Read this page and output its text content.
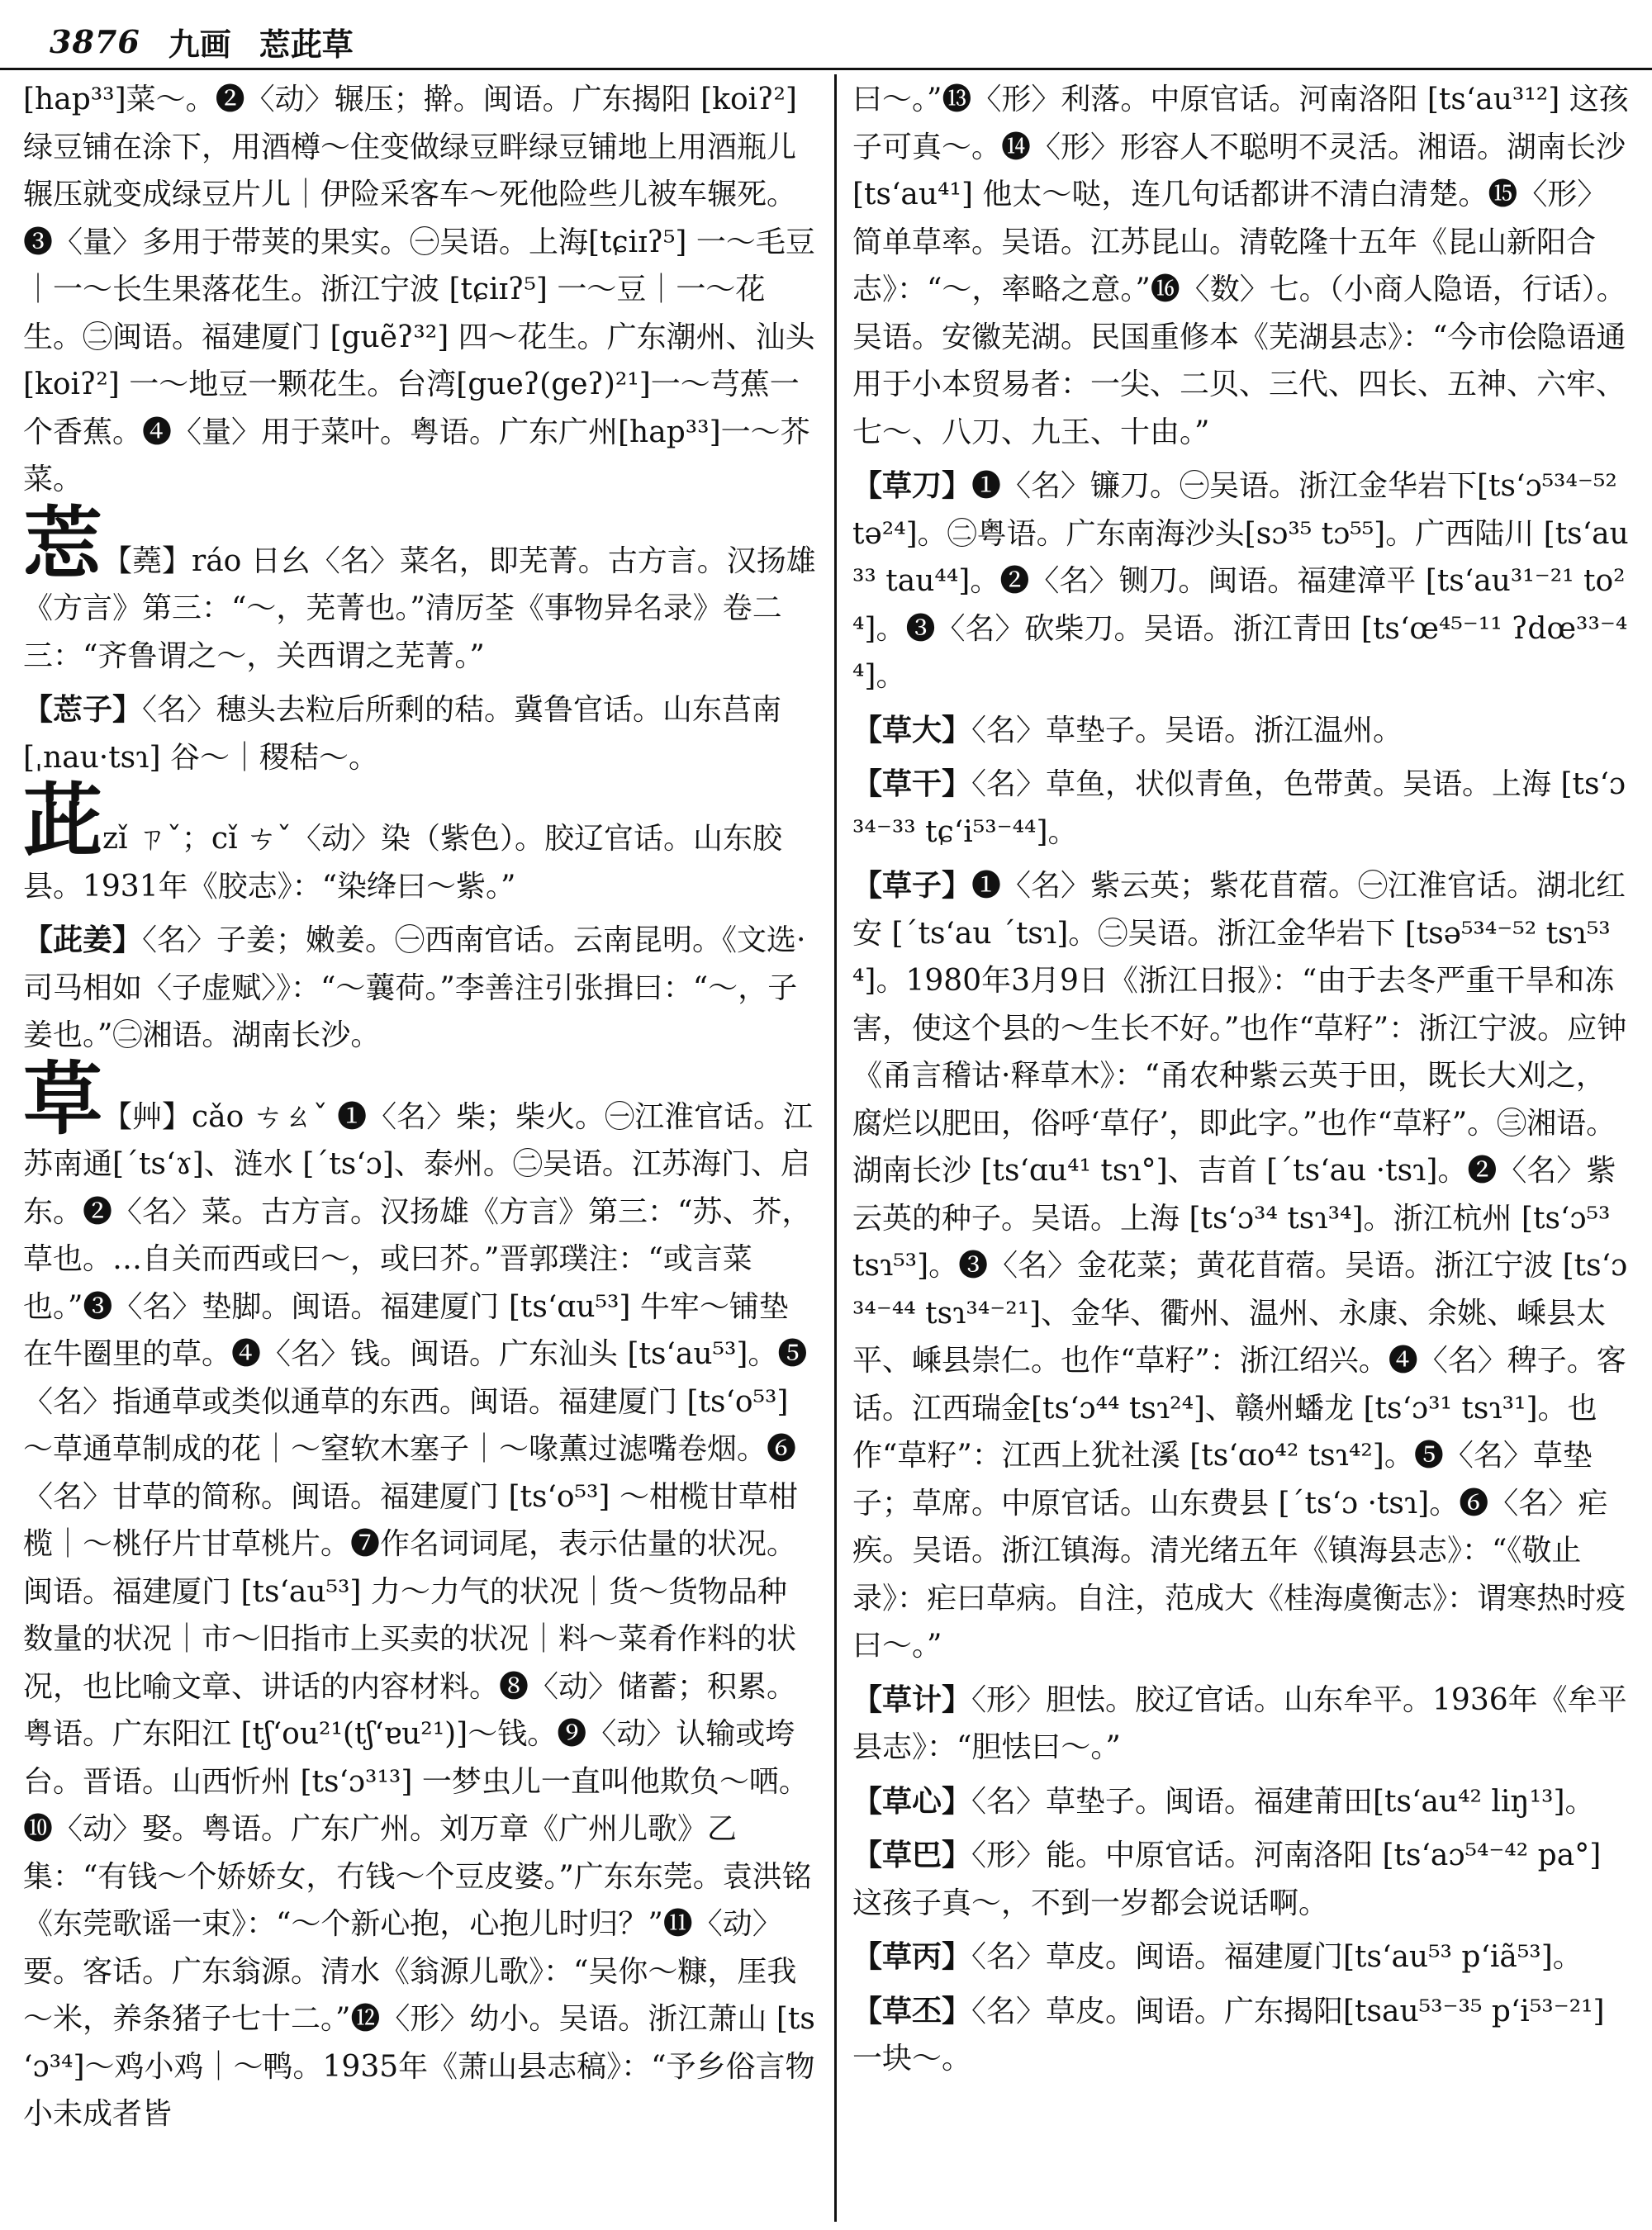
3876 九画 莣茈草

[hap³³]菜～。❷〈动〉辗压；擀。闽语。广东揭阳 [koiʔ²] 绿豆铺在涂下，用酒樽～住变做绿豆畔绿豆铺地上用酒瓶儿辗压就变成绿豆片儿｜伊险采客车～死他险些儿被车辗死。❸〈量〉多用于带荚的果实。㊀吴语。上海[tɕiɪʔ⁵] 一～毛豆｜一～长生果落花生。浙江宁波 [tɕiɪʔ⁵] 一～豆｜一～花生。㊁闽语。福建厦门 [guẽʔ³²] 四～花生。广东潮州、汕头 [koiʔ²] 一～地豆一颗花生。台湾[gueʔ(geʔ)²¹]一～芎蕉一个香蕉。❹〈量〉用于菜叶。粤语。广东广州[hap³³]一～芥菜。

莣【蕘】ráo 日幺〈名〉菜名，即芜菁。古方言。汉扬雄《方言》第三：“～，芜菁也。”清厉荃《事物异名录》卷二三：“齐鲁谓之～，关西谓之芜菁。”

【莣子】〈名〉穗头去粒后所剩的秸。冀鲁官话。山东莒南 [ˌnau·tsɿ] 谷～｜稷秸～。

茈zǐ ㄗˇ；cǐ ㄘˇ〈动〉染（紫色）。胶辽官话。山东胶县。1931年《胶志》：“染绛曰～紫。”

【茈姜】〈名〉子姜；嫩姜。㊀西南官话。云南昆明。《文选·司马相如〈子虚赋〉》：“～蘘荷。”李善注引张揖曰：“～，子姜也。”㊁湘语。湖南长沙。

草【艸】cǎo ㄘㄠˇ ❶〈名〉柴；柴火。㊀江淮官话。江苏南通[ˊtsʻɤ]、涟水 [ˊtsʻɔ]、泰州。㊁吴语。江苏海门、启东。❷〈名〉菜。古方言。汉扬雄《方言》第三：“苏、芥，草也。…自关而西或曰～，或曰芥。”晋郭璞注：“或言菜也。”❸〈名〉垫脚。闽语。福建厦门 [tsʻɑu⁵³] 牛牢～铺垫在牛圈里的草。❹〈名〉钱。闽语。广东汕头 [tsʻau⁵³]。❺〈名〉指通草或类似通草的东西。闽语。福建厦门 [tsʻo⁵³] ～草通草制成的花｜～窒软木塞子｜～喙薫过滤嘴卷烟。❻〈名〉甘草的简称。闽语。福建厦门 [tsʻo⁵³] ～柑榄甘草柑榄｜～桃仔片甘草桃片。❼作名词词尾，表示估量的状况。闽语。福建厦门 [tsʻau⁵³] 力～力气的状况｜货～货物品种数量的状况｜市～旧指市上买卖的状况｜料～菜肴作料的状况，也比喻文章、讲话的内容材料。❽〈动〉储蓄；积累。粤语。广东阳江 [tʃʻou²¹(tʃʻɐu²¹)]～钱。❾〈动〉认输或垮台。晋语。山西忻州 [tsʻɔ³¹³] 一梦虫儿一直叫他欺负～哂。❿〈动〉娶。粤语。广东广州。刘万章《广州儿歌》乙集：“有钱～个娇娇女，冇钱～个豆皮婆。”广东东莞。袁洪铭《东莞歌谣一束》：“～个新心抱，心抱儿时归？”⓫〈动〉要。客话。广东翁源。清水《翁源儿歌》：“吴你～糠，厓我～米，养条猪子七十二。”⓬〈形〉幼小。吴语。浙江萧山 [tsʻɔ³⁴]～鸡小鸡｜～鸭。1935年《萧山县志稿》：“予乡俗言物小未成者皆

曰～。”⓭〈形〉利落。中原官话。河南洛阳 [tsʻau³¹²] 这孩子可真～。⓮〈形〉形容人不聪明不灵活。湘语。湖南长沙 [tsʻau⁴¹] 他太～哒，连几句话都讲不清白清楚。⓯〈形〉简单草率。吴语。江苏昆山。清乾隆十五年《昆山新阳合志》：“～，率略之意。”⓰〈数〉七。（小商人隐语，行话）。吴语。安徽芜湖。民国重修本《芜湖县志》：“今市侩隐语通用于小本贸易者：一尖、二贝、三代、四长、五神、六牢、七～、八刀、九王、十由。”

【草刀】❶〈名〉镰刀。㊀吴语。浙江金华岩下[tsʻɔ⁵³⁴⁻⁵² tə²⁴]。㊁粤语。广东南海沙头[sɔ³⁵ tɔ⁵⁵]。广西陆川 [tsʻau³³ tau⁴⁴]。❷〈名〉铡刀。闽语。福建漳平 [tsʻau³¹⁻²¹ to²⁴]。❸〈名〉砍柴刀。吴语。浙江青田 [tsʻœ⁴⁵⁻¹¹ ʔdœ³³⁻⁴⁴]。

【草大】〈名〉草垫子。吴语。浙江温州。

【草干】〈名〉草鱼，状似青鱼，色带黄。吴语。上海 [tsʻɔ³⁴⁻³³ tɕʻi⁵³⁻⁴⁴]。

【草子】❶〈名〉紫云英；紫花苜蓿。㊀江淮官话。湖北红安 [ˊtsʻau ˊtsɿ]。㊁吴语。浙江金华岩下 [tsə⁵³⁴⁻⁵² tsɿ⁵³⁴]。1980年3月9日《浙江日报》：“由于去冬严重干旱和冻害，使这个县的～生长不好。”也作“草籽”：浙江宁波。应钟《甬言稽诂·释草木》：“甬农种紫云英于田，既长大刈之，腐烂以肥田，俗呼‘草仔’，即此字。”也作“草籽”。㊂湘语。湖南长沙 [tsʻɑu⁴¹ tsɿ°]、吉首 [ˊtsʻau ·tsɿ]。❷〈名〉紫云英的种子。吴语。上海 [tsʻɔ³⁴ tsɿ³⁴]。浙江杭州 [tsʻɔ⁵³ tsɿ⁵³]。❸〈名〉金花菜；黄花苜蓿。吴语。浙江宁波 [tsʻɔ³⁴⁻⁴⁴ tsɿ³⁴⁻²¹]、金华、衢州、温州、永康、余姚、嵊县太平、嵊县崇仁。也作“草籽”：浙江绍兴。❹〈名〉稗子。客话。江西瑞金[tsʻɔ⁴⁴ tsɿ²⁴]、赣州蟠龙 [tsʻɔ³¹ tsɿ³¹]。也作“草籽”：江西上犹社溪 [tsʻɑo⁴² tsɿ⁴²]。❺〈名〉草垫子；草席。中原官话。山东费县 [ˊtsʻɔ ·tsɿ]。❻〈名〉疟疾。吴语。浙江镇海。清光绪五年《镇海县志》：“《敬止录》：疟曰草病。自注，范成大《桂海虞衡志》：谓寒热时疫曰～。”

【草计】〈形〉胆怯。胶辽官话。山东牟平。1936年《牟平县志》：“胆怯曰～。”

【草心】〈名〉草垫子。闽语。福建莆田[tsʻau⁴² liŋ¹³]。

【草巴】〈形〉能。中原官话。河南洛阳 [tsʻaɔ⁵⁴⁻⁴² pa°] 这孩子真～，不到一岁都会说话啊。

【草丙】〈名〉草皮。闽语。福建厦门[tsʻau⁵³ pʻiã⁵³]。

【草丕】〈名〉草皮。闽语。广东揭阳[tsau⁵³⁻³⁵ pʻi⁵³⁻²¹] 一块～。
